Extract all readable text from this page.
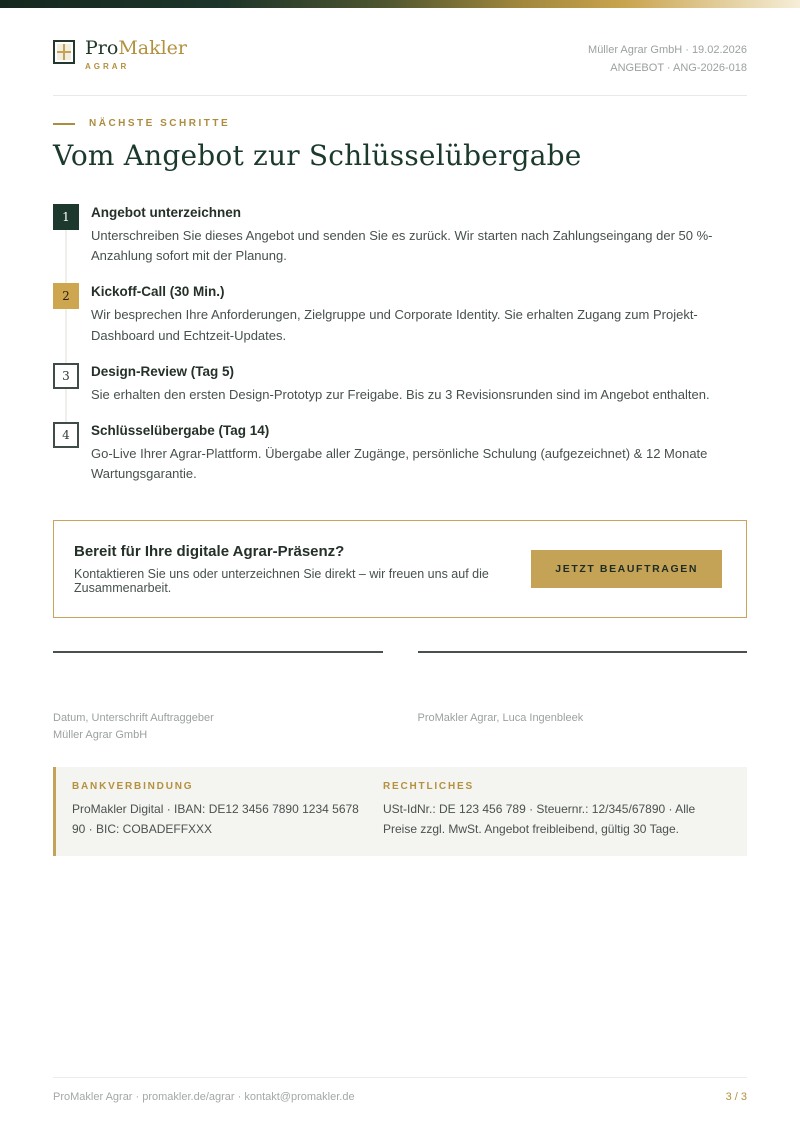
ProMakler
AGRAR
Müller Agrar GmbH · 19.02.2026
ANGEBOT · ANG-2026-018
NÄCHSTE SCHRITTE
Vom Angebot zur Schlüsselübergabe
1	Angebot unterzeichnen
Unterschreiben Sie dieses Angebot und senden Sie es zurück. Wir starten nach Zahlungseingang der 50 %-Anzahlung sofort mit der Planung.
2	Kickoff-Call (30 Min.)
Wir besprechen Ihre Anforderungen, Zielgruppe und Corporate Identity. Sie erhalten Zugang zum Projekt-Dashboard und Echtzeit-Updates.
3	Design-Review (Tag 5)
Sie erhalten den ersten Design-Prototyp zur Freigabe. Bis zu 3 Revisionsrunden sind im Angebot enthalten.
4	Schlüsselübergabe (Tag 14)
Go-Live Ihrer Agrar-Plattform. Übergabe aller Zugänge, persönliche Schulung (aufgezeichnet) & 12 Monate Wartungsgarantie.
Bereit für Ihre digitale Agrar-Präsenz?
Kontaktieren Sie uns oder unterzeichnen Sie direkt – wir freuen uns auf die Zusammenarbeit.
JETZT BEAUFTRAGEN
Datum, Unterschrift Auftraggeber
Müller Agrar GmbH
ProMakler Agrar, Luca Ingenbleek
BANKVERBINDUNG
ProMakler Digital · IBAN: DE12 3456 7890 1234 5678 90 · BIC: COBADEFFXXX
RECHTLICHES
USt-IdNr.: DE 123 456 789 · Steuernr.: 12/345/67890 · Alle Preise zzgl. MwSt. Angebot freibleibend, gültig 30 Tage.
ProMakler Agrar · promakler.de/agrar · kontakt@promakler.de	3 / 3
